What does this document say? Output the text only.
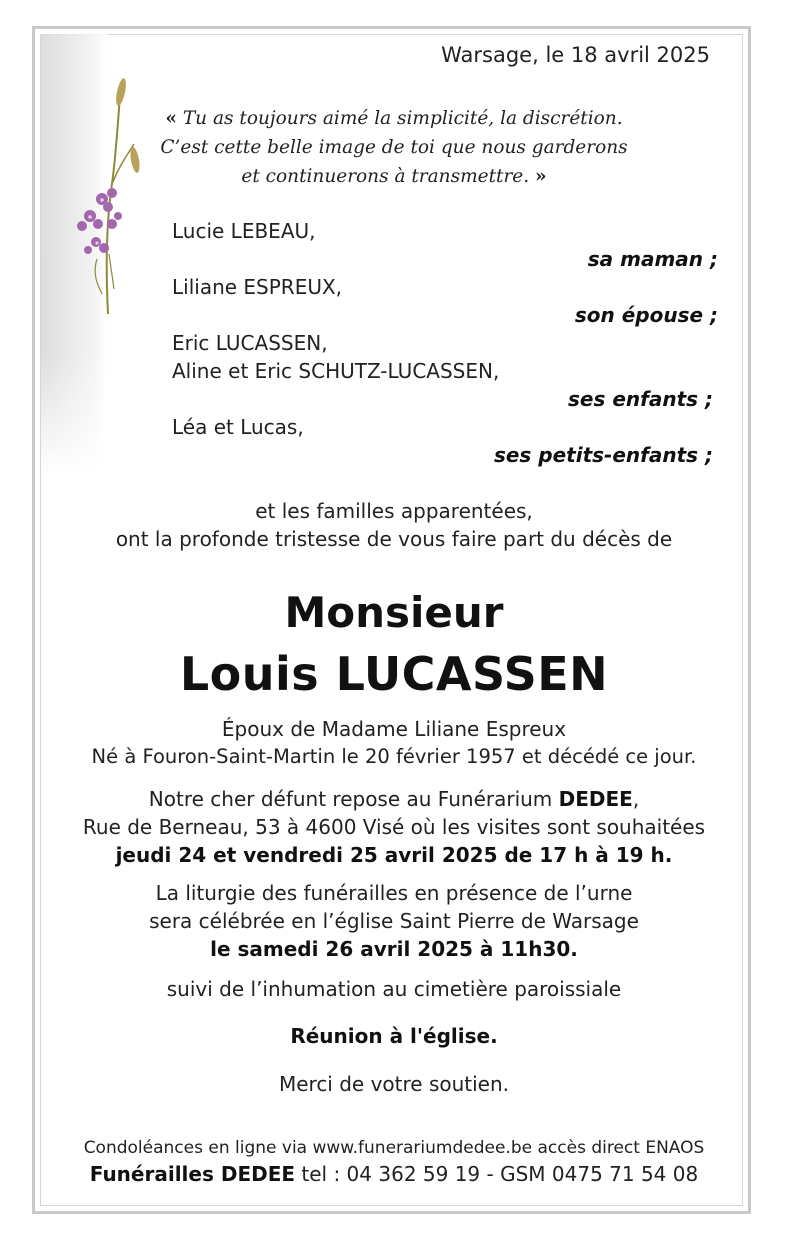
Warsage, le 18 avril 2025
« Tu as toujours aimé la simplicité, la discrétion.
C’est cette belle image de toi que nous garderons
et continuerons à transmettre. »
Lucie LEBEAU,
sa maman ;
Liliane ESPREUX,
son épouse ;
Eric LUCASSEN,
Aline et Eric SCHUTZ-LUCASSEN,
ses enfants ;
Léa et Lucas,
ses petits-enfants ;
et les familles apparentées,
ont la profonde tristesse de vous faire part du décès de
Monsieur
Louis LUCASSEN
Époux de Madame Liliane Espreux
Né à Fouron-Saint-Martin le 20 février 1957 et décédé ce jour.
Notre cher défunt repose au Funérarium DEDEE,
Rue de Berneau, 53 à 4600 Visé où les visites sont souhaitées
jeudi 24 et vendredi 25 avril 2025 de 17 h à 19 h.
La liturgie des funérailles en présence de l’urne
sera célébrée en l’église Saint Pierre de Warsage
le samedi 26 avril 2025 à 11h30.
suivi de l’inhumation au cimetière paroissiale
Réunion à l'église.
Merci de votre soutien.
Condoléances en ligne via www.funerariumdedee.be accès direct ENAOS
Funérailles DEDEE tel : 04 362 59 19 - GSM 0475 71 54 08
